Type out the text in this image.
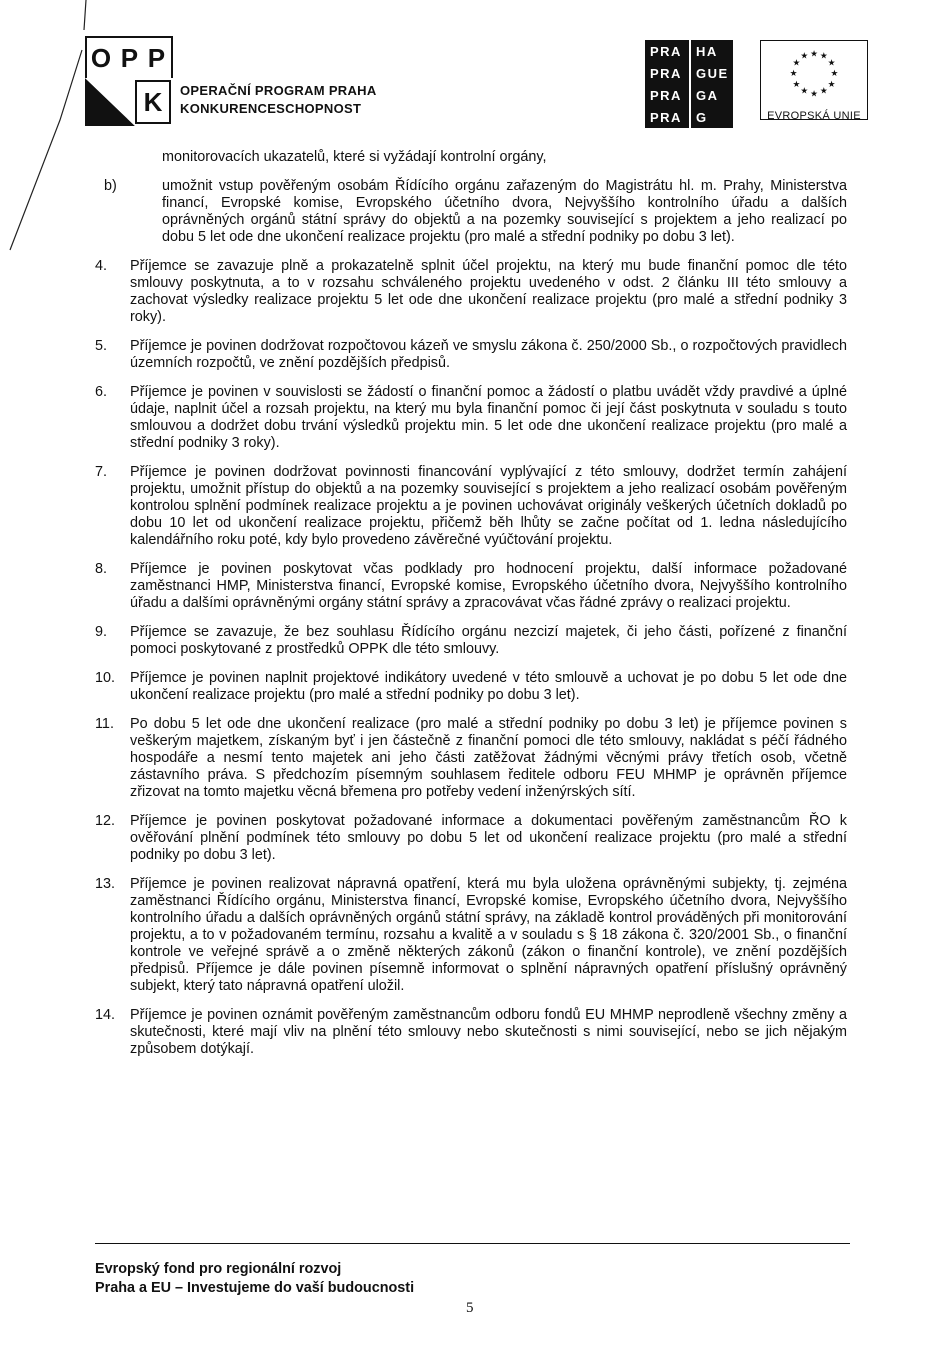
O P P
K	OPERAČNÍ PROGRAM PRAHA
KONKURENCESCHOPNOST
PRA	HA
PRA	GUE
PRA	GA
PRA	G
★ ★
★
★
★
★
★
★
★
★
★
★
EVROPSKÁ UNIE
monitorovacích ukazatelů, které si vyžádají kontrolní orgány,
b)	umožnit vstup pověřeným osobám Řídícího orgánu zařazeným do Magistrátu hl. m. Prahy, Ministerstva financí, Evropské komise, Evropského účetního dvora, Nejvyššího kontrolního úřadu a dalších oprávněných orgánů státní správy do objektů a na pozemky související s projektem a jeho realizací po dobu 5 let ode dne ukončení realizace projektu (pro malé a střední podniky po dobu 3 let).
4.	Příjemce se zavazuje plně a prokazatelně splnit účel projektu, na který mu bude finanční pomoc dle této smlouvy poskytnuta, a to v rozsahu schváleného projektu uvedeného v odst. 2 článku III této smlouvy a zachovat výsledky realizace projektu 5 let ode dne ukončení realizace projektu (pro malé a střední podniky 3 roky).
5.	Příjemce je povinen dodržovat rozpočtovou kázeň ve smyslu zákona č. 250/2000 Sb., o rozpočtových pravidlech územních rozpočtů, ve znění pozdějších předpisů.
6.	Příjemce je povinen v souvislosti se žádostí o finanční pomoc a žádostí o platbu uvádět vždy pravdivé a úplné údaje, naplnit účel a rozsah projektu, na který mu byla finanční pomoc či její část poskytnuta v souladu s touto smlouvou a dodržet dobu trvání výsledků projektu min. 5 let ode dne ukončení realizace projektu (pro malé a střední podniky 3 roky).
7.	Příjemce je povinen dodržovat povinnosti financování vyplývající z této smlouvy, dodržet termín zahájení projektu, umožnit přístup do objektů a na pozemky související s projektem a jeho realizací osobám pověřeným kontrolou splnění podmínek realizace projektu a je povinen uchovávat originály veškerých účetních dokladů po dobu 10 let od ukončení realizace projektu, přičemž běh lhůty se začne počítat od 1. ledna následujícího kalendářního roku poté, kdy bylo provedeno závěrečné vyúčtování projektu.
8.	Příjemce je povinen poskytovat včas podklady pro hodnocení projektu, další informace požadované zaměstnanci HMP, Ministerstva financí, Evropské komise, Evropského účetního dvora, Nejvyššího kontrolního úřadu a dalšími oprávněnými orgány státní správy a zpracovávat včas řádné zprávy o realizaci projektu.
9.	Příjemce se zavazuje, že bez souhlasu Řídícího orgánu nezcizí majetek, či jeho části, pořízené z finanční pomoci poskytované z prostředků OPPK dle této smlouvy.
10.	Příjemce je povinen naplnit projektové indikátory uvedené v této smlouvě a uchovat je po dobu 5 let ode dne ukončení realizace projektu (pro malé a střední podniky po dobu 3 let).
11.	Po dobu 5 let ode dne ukončení realizace (pro malé a střední podniky po dobu 3 let) je příjemce povinen s veškerým majetkem, získaným byť i jen částečně z finanční pomoci dle této smlouvy, nakládat s péčí řádného hospodáře a nesmí tento majetek ani jeho části zatěžovat žádnými věcnými právy třetích osob, včetně zástavního práva. S předchozím písemným souhlasem ředitele odboru FEU MHMP je oprávněn příjemce zřizovat na tomto majetku věcná břemena pro potřeby vedení inženýrských sítí.
12.	Příjemce je povinen poskytovat požadované informace a dokumentaci pověřeným zaměstnancům ŘO k ověřování plnění podmínek této smlouvy po dobu 5 let od ukončení realizace projektu (pro malé a střední podniky po dobu 3 let).
13.	Příjemce je povinen realizovat nápravná opatření, která mu byla uložena oprávněnými subjekty, tj. zejména zaměstnanci Řídícího orgánu, Ministerstva financí, Evropské komise, Evropského účetního dvora, Nejvyššího kontrolního úřadu a dalších oprávněných orgánů státní správy, na základě kontrol prováděných při monitorování projektu, a to v požadovaném termínu, rozsahu a kvalitě a v souladu s § 18 zákona č. 320/2001 Sb., o finanční kontrole ve veřejné správě a o změně některých zákonů (zákon o finanční kontrole), ve znění pozdějších předpisů. Příjemce je dále povinen písemně informovat o splnění nápravných opatření příslušný oprávněný subjekt, který tato nápravná opatření uložil.
14.	Příjemce je povinen oznámit pověřeným zaměstnancům odboru fondů EU MHMP neprodleně všechny změny a skutečnosti, které mají vliv na plnění této smlouvy nebo skutečnosti s nimi související, nebo se jich nějakým způsobem dotýkají.
Evropský fond pro regionální rozvoj
Praha a EU – Investujeme do vaší budoucnosti
5
